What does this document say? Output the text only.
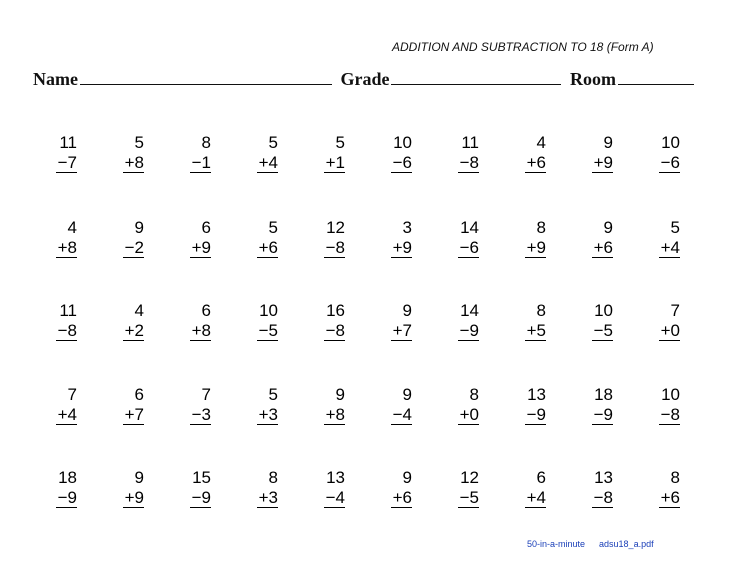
ADDITION AND SUBTRACTION TO 18 (Form A)
Name	Grade	Room
11
−7
5
+8
8
−1
5
+4
5
+1
10
−6
11
−8
4
+6
9
+9
10
−6
4
+8
9
−2
6
+9
5
+6
12
−8
3
+9
14
−6
8
+9
9
+6
5
+4
11
−8
4
+2
6
+8
10
−5
16
−8
9
+7
14
−9
8
+5
10
−5
7
+0
7
+4
6
+7
7
−3
5
+3
9
+8
9
−4
8
+0
13
−9
18
−9
10
−8
18
−9
9
+9
15
−9
8
+3
13
−4
9
+6
12
−5
6
+4
13
−8
8
+6
50-in-a-minute adsu18_a.pdf
